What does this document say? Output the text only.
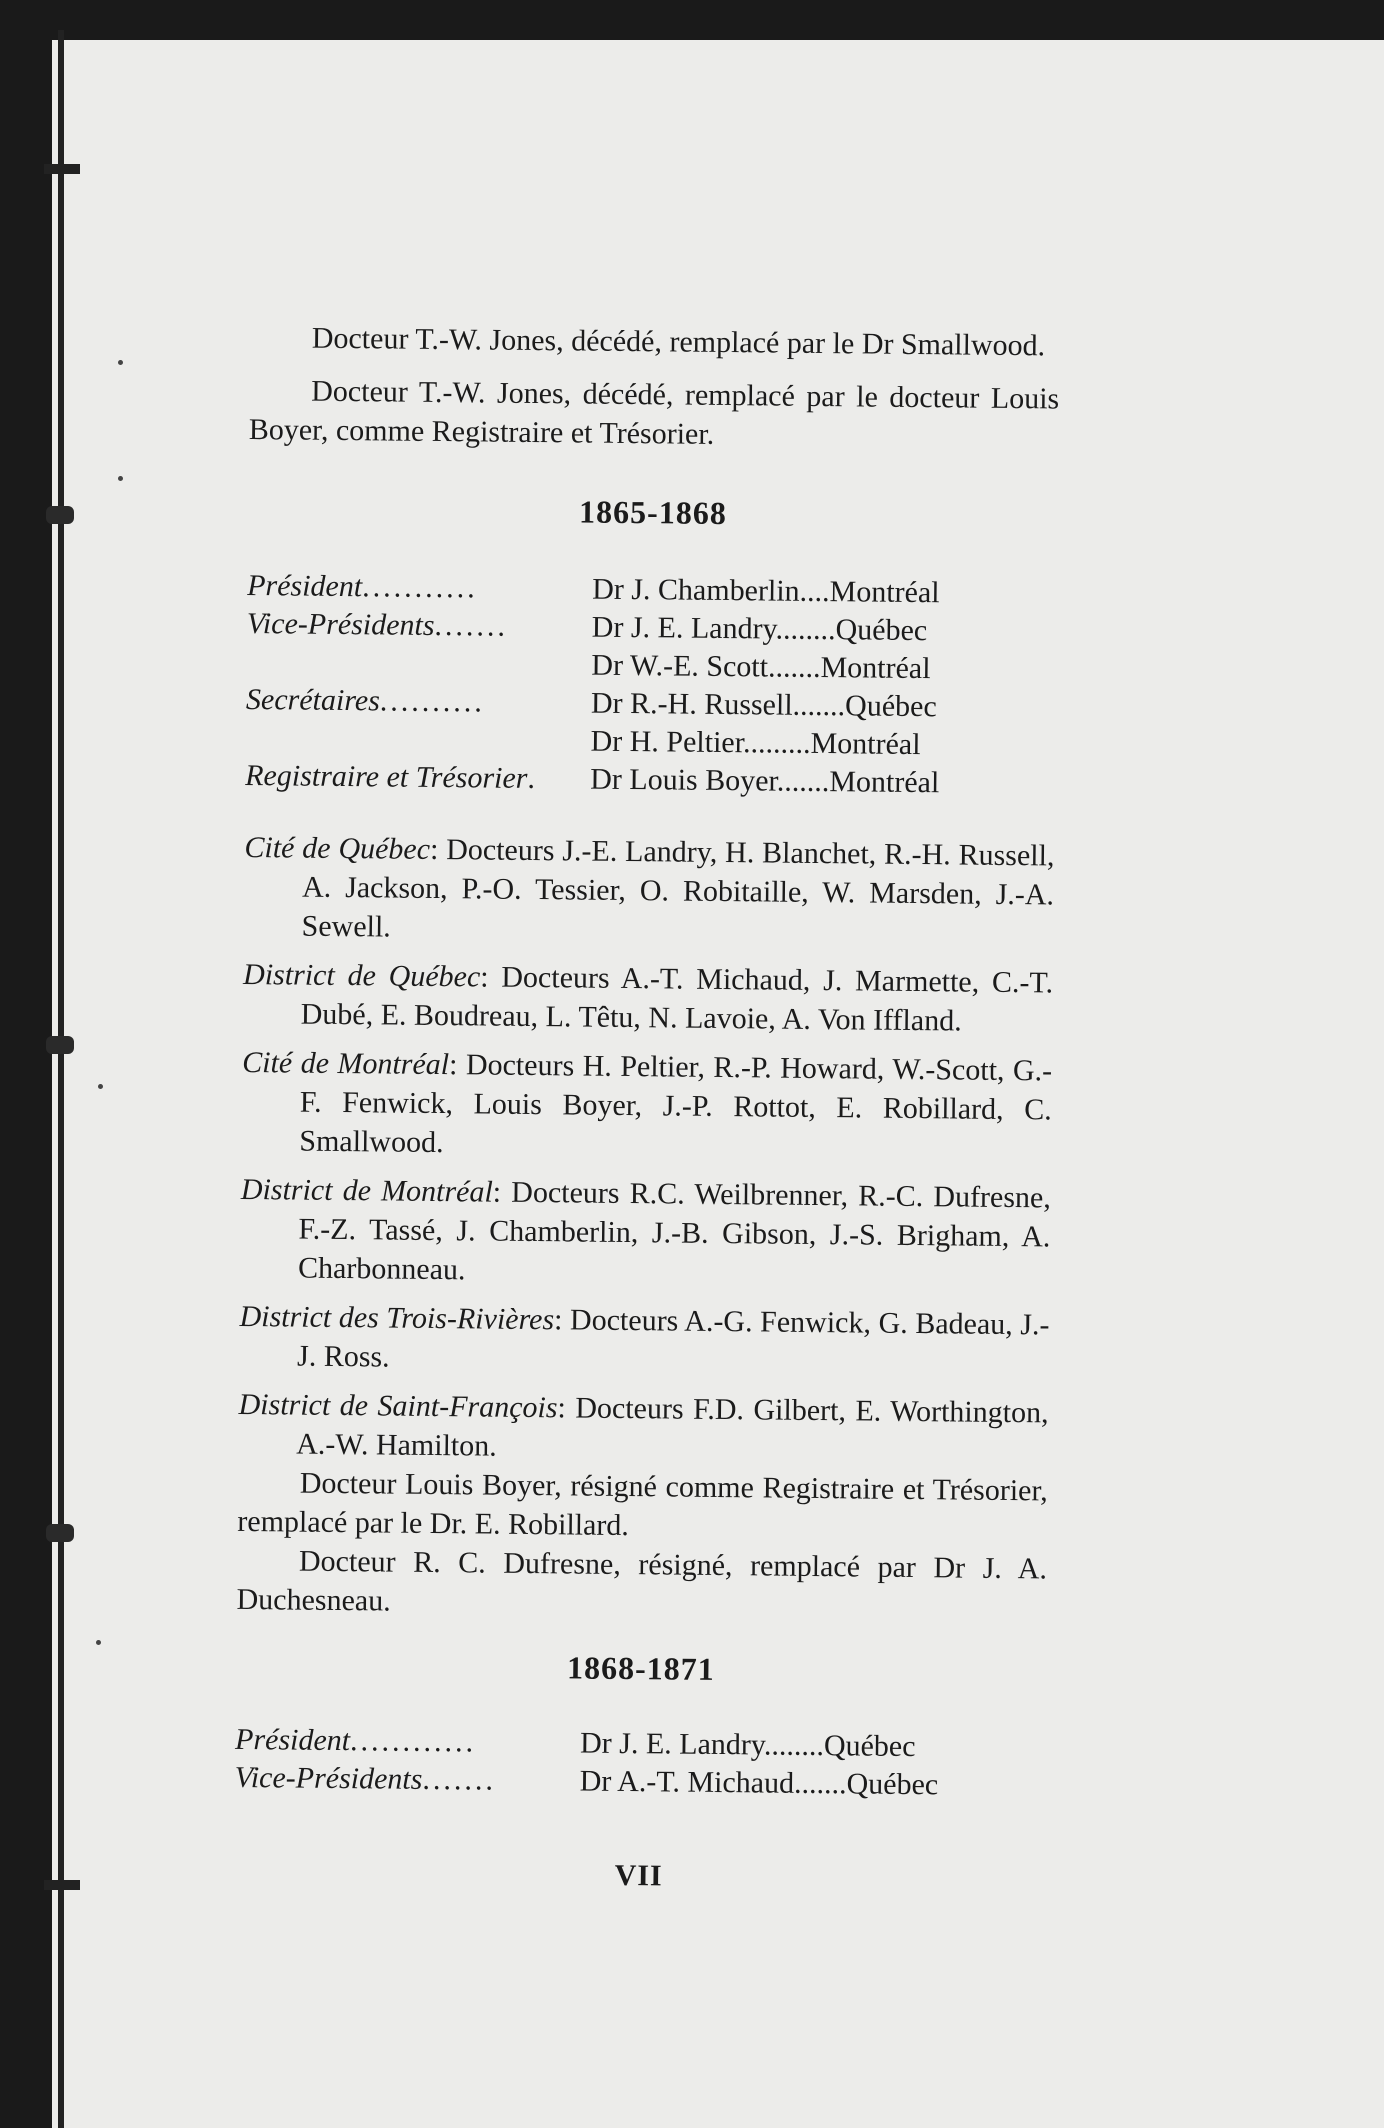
Docteur T.-W. Jones, décédé, remplacé par le Dr Smallwood.

Docteur T.-W. Jones, décédé, remplacé par le docteur Louis Boyer, comme Registraire et Trésorier.

1865-1868
Président ...........	Dr J. Chamberlin....Montréal
Vice-Présidents .......	Dr J. E. Landry........Québec
Dr W.-E. Scott.......Montréal
Secrétaires ..........	Dr R.-H. Russell.......Québec
Dr H. Peltier.........Montréal
Registraire et Trésorier . Dr Louis Boyer.......Montréal

Cité de Québec: Docteurs J.-E. Landry, H. Blanchet, R.-H. Russell, A. Jackson, P.-O. Tessier, O. Robitaille, W. Marsden, J.-A. Sewell.

District de Québec: Docteurs A.-T. Michaud, J. Marmette, C.-T. Dubé, E. Boudreau, L. Têtu, N. Lavoie, A. Von Iffland.

Cité de Montréal: Docteurs H. Peltier, R.-P. Howard, W.-Scott, G.-F. Fenwick, Louis Boyer, J.-P. Rottot, E. Robillard, C. Smallwood.

District de Montréal: Docteurs R.C. Weilbrenner, R.-C. Dufresne, F.-Z. Tassé, J. Chamberlin, J.-B. Gibson, J.-S. Brigham, A. Charbonneau.

District des Trois-Rivières: Docteurs A.-G. Fenwick, G. Badeau, J.-J. Ross.

District de Saint-François: Docteurs F.D. Gilbert, E. Worthington, A.-W. Hamilton.

Docteur Louis Boyer, résigné comme Registraire et Trésorier, remplacé par le Dr. E. Robillard.

Docteur R. C. Dufresne, résigné, remplacé par Dr J. A. Duchesneau.

1868-1871
Président ............	Dr J. E. Landry........Québec
Vice-Présidents .......	Dr A.-T. Michaud.......Québec
VII
